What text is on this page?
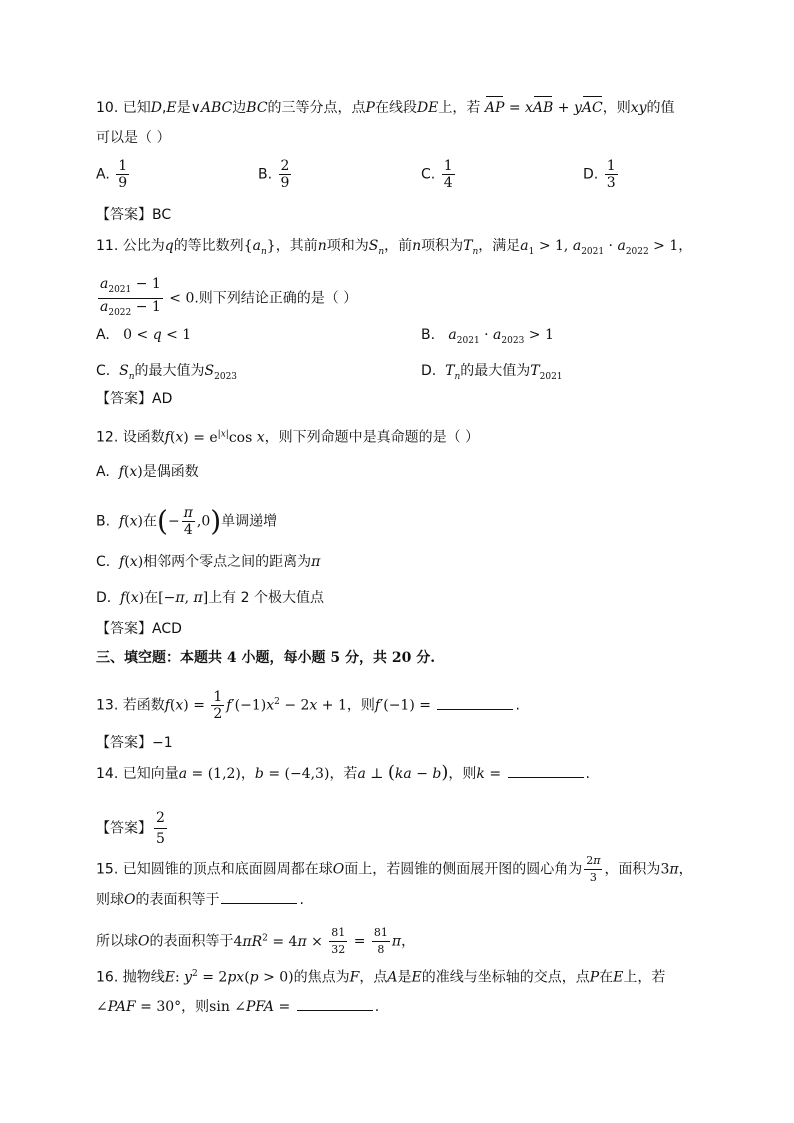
10. 已知D,E是∨ABC边BC的三等分点，点P在线段DE上，若 AP = xAB + yAC，则xy的值
可以是（ ）
A. $\frac{1}{9}$	B. $\frac{2}{9}$	C. $\frac{1}{4}$	D. $\frac{1}{3}$
【答案】BC
11. 公比为q的等比数列$\{a_n\}$，其前n项和为$S_n$，前n项积为$T_n$，满足$a_1 > 1$, $a_{2021} \cdot a_{2022} > 1$，
$\frac{a_{2021} - 1}{a_{2022} - 1} < 0$.则下列结论正确的是（ ）
A.   0 < q < 1	B. $a_{2021} \cdot a_{2023} > 1$
C. $S_n$的最大值为$S_{2023}$	D. $T_n$的最大值为$T_{2021}$
【答案】AD
12. 设函数$f(x) = e^{|x|}\cos$ x，则下列命题中是真命题的是（ ）
A. f(x)是偶函数
B. f(x)在(− $\frac{\pi}{4} ,0$)单调递增
C. f(x)相邻两个零点之间的距离为π
D. f(x)在[−π, π]上有 2 个极大值点
【答案】ACD
三、填空题：本题共 4 小题，每小题 5 分，共 20 分.
13. 若函数$f(x) = \frac{1}{2} f'(-1)x^2 - 2x + 1$，则f′(−1) =	.
【答案】−1
14. 已知向量a = (1,2)，b = (−4,3)，若a ⊥ (ka − b)，则k =	.
【答案】 $\frac{2}{5}$
15. 已知圆锥的顶点和底面圆周都在球O面上，若圆锥的侧面展开图的圆心角为 $\frac{2\pi}{3}$ ，面积为3π，
则球O的表面积等于	.
所以球O的表面积等于$4\pi R^2 = 4\pi \times \frac{81}{32} = \frac{81}{8}$ π，
16. 抛物线E: $y^2 = 2px(p > 0)$的焦点为F，点A是E的准线与坐标轴的交点，点P在E上，若
∠PAF = 30°，则sin ∠PFA =	.
